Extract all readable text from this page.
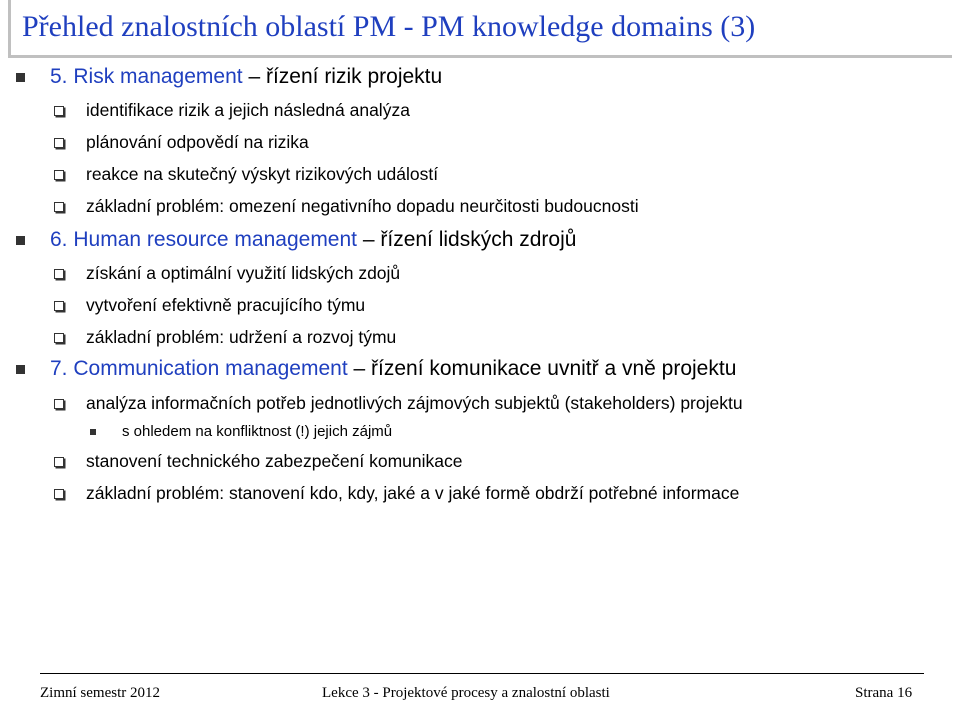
Přehled znalostních oblastí PM - PM knowledge domains (3)
5. Risk management – řízení rizik projektu
identifikace rizik a jejich následná analýza
plánování odpovědí na rizika
reakce na skutečný výskyt rizikových událostí
základní problém: omezení negativního dopadu neurčitosti budoucnosti
6. Human resource management – řízení lidských zdrojů
získání a optimální využití lidských zdojů
vytvoření efektivně pracujícího týmu
základní problém: udržení a rozvoj týmu
7. Communication management – řízení komunikace uvnitř a vně projektu
analýza informačních potřeb jednotlivých zájmových subjektů (stakeholders) projektu
s ohledem na konfliktnost (!) jejich zájmů
stanovení technického zabezpečení komunikace
základní problém: stanovení kdo, kdy, jaké a v jaké formě obdrží potřebné informace
Zimní semestr 2012	Lekce 3 - Projektové procesy a znalostní oblasti	Strana 16
